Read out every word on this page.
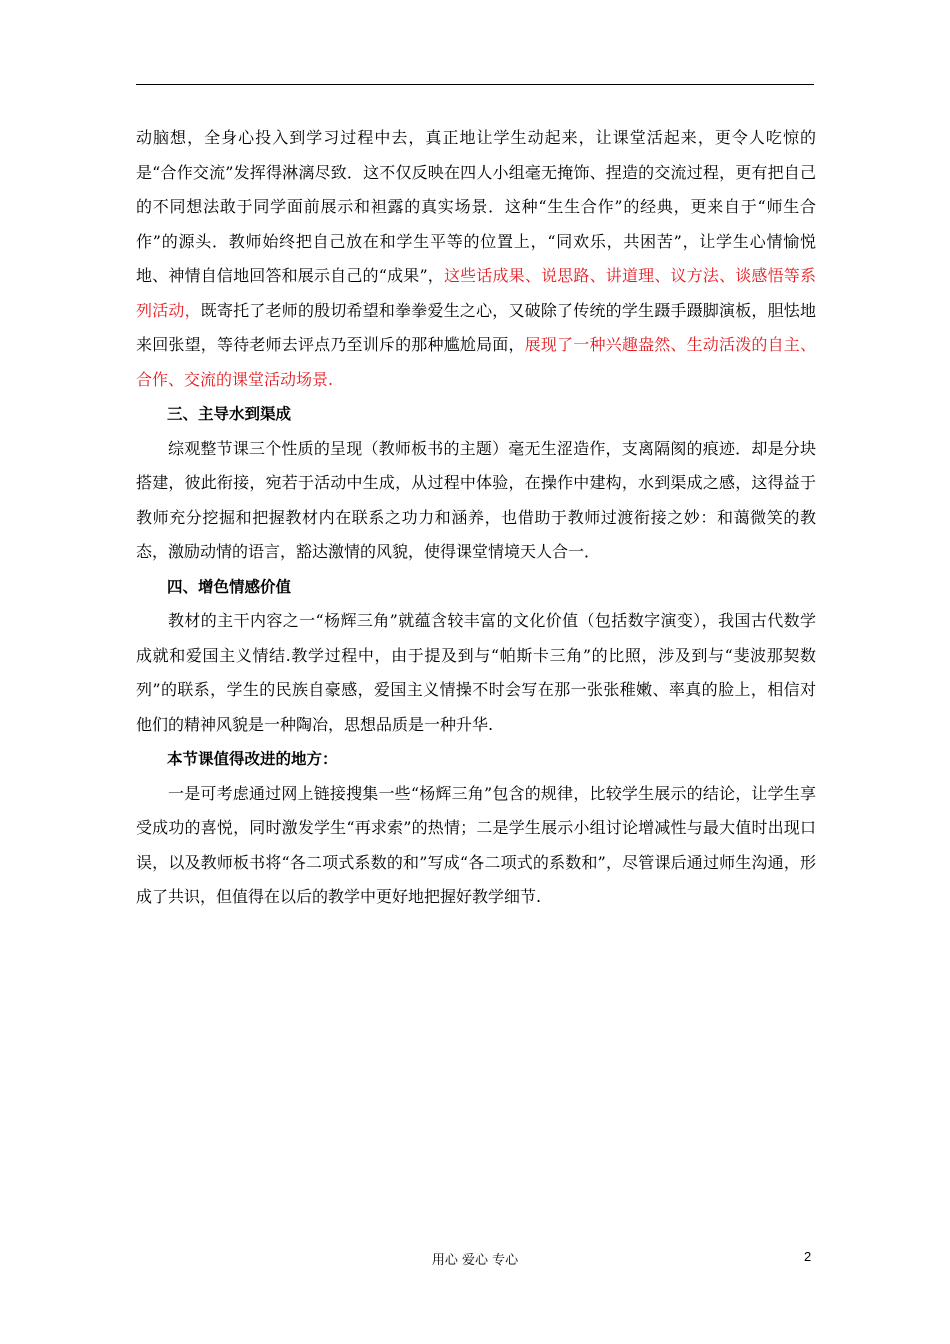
动脑想，全身心投入到学习过程中去，真正地让学生动起来，让课堂活起来，更令人吃惊的是“合作交流”发挥得淋漓尽致．这不仅反映在四人小组毫无掩饰、捏造的交流过程，更有把自己的不同想法敢于同学面前展示和袒露的真实场景．这种“生生合作”的经典，更来自于“师生合作”的源头．教师始终把自己放在和学生平等的位置上，“同欢乐，共困苦”，让学生心情愉悦地、神情自信地回答和展示自己的“成果”，这些话成果、说思路、讲道理、议方法、谈感悟等系列活动，既寄托了老师的殷切希望和拳拳爱生之心，又破除了传统的学生蹑手蹑脚演板，胆怯地来回张望，等待老师去评点乃至训斥的那种尴尬局面，展现了一种兴趣盎然、生动活泼的自主、合作、交流的课堂活动场景.

三、主导水到渠成

综观整节课三个性质的呈现（教师板书的主题）毫无生涩造作，支离隔阂的痕迹．却是分块搭建，彼此衔接，宛若于活动中生成，从过程中体验，在操作中建构，水到渠成之感，这得益于教师充分挖掘和把握教材内在联系之功力和涵养，也借助于教师过渡衔接之妙：和蔼微笑的教态，激励动情的语言，豁达激情的风貌，使得课堂情境天人合一．

四、增色情感价值

教材的主干内容之一“杨辉三角”就蕴含较丰富的文化价值（包括数字演变），我国古代数学成就和爱国主义情结.教学过程中，由于提及到与“帕斯卡三角”的比照，涉及到与“斐波那契数列”的联系，学生的民族自豪感，爱国主义情操不时会写在那一张张稚嫩、率真的脸上，相信对他们的精神风貌是一种陶冶，思想品质是一种升华.

本节课值得改进的地方：

一是可考虑通过网上链接搜集一些“杨辉三角”包含的规律，比较学生展示的结论，让学生享受成功的喜悦，同时激发学生“再求索”的热情；二是学生展示小组讨论增减性与最大值时出现口误，以及教师板书将“各二项式系数的和”写成“各二项式的系数和”，尽管课后通过师生沟通，形成了共识，但值得在以后的教学中更好地把握好教学细节.

用心 爱心 专心	2
